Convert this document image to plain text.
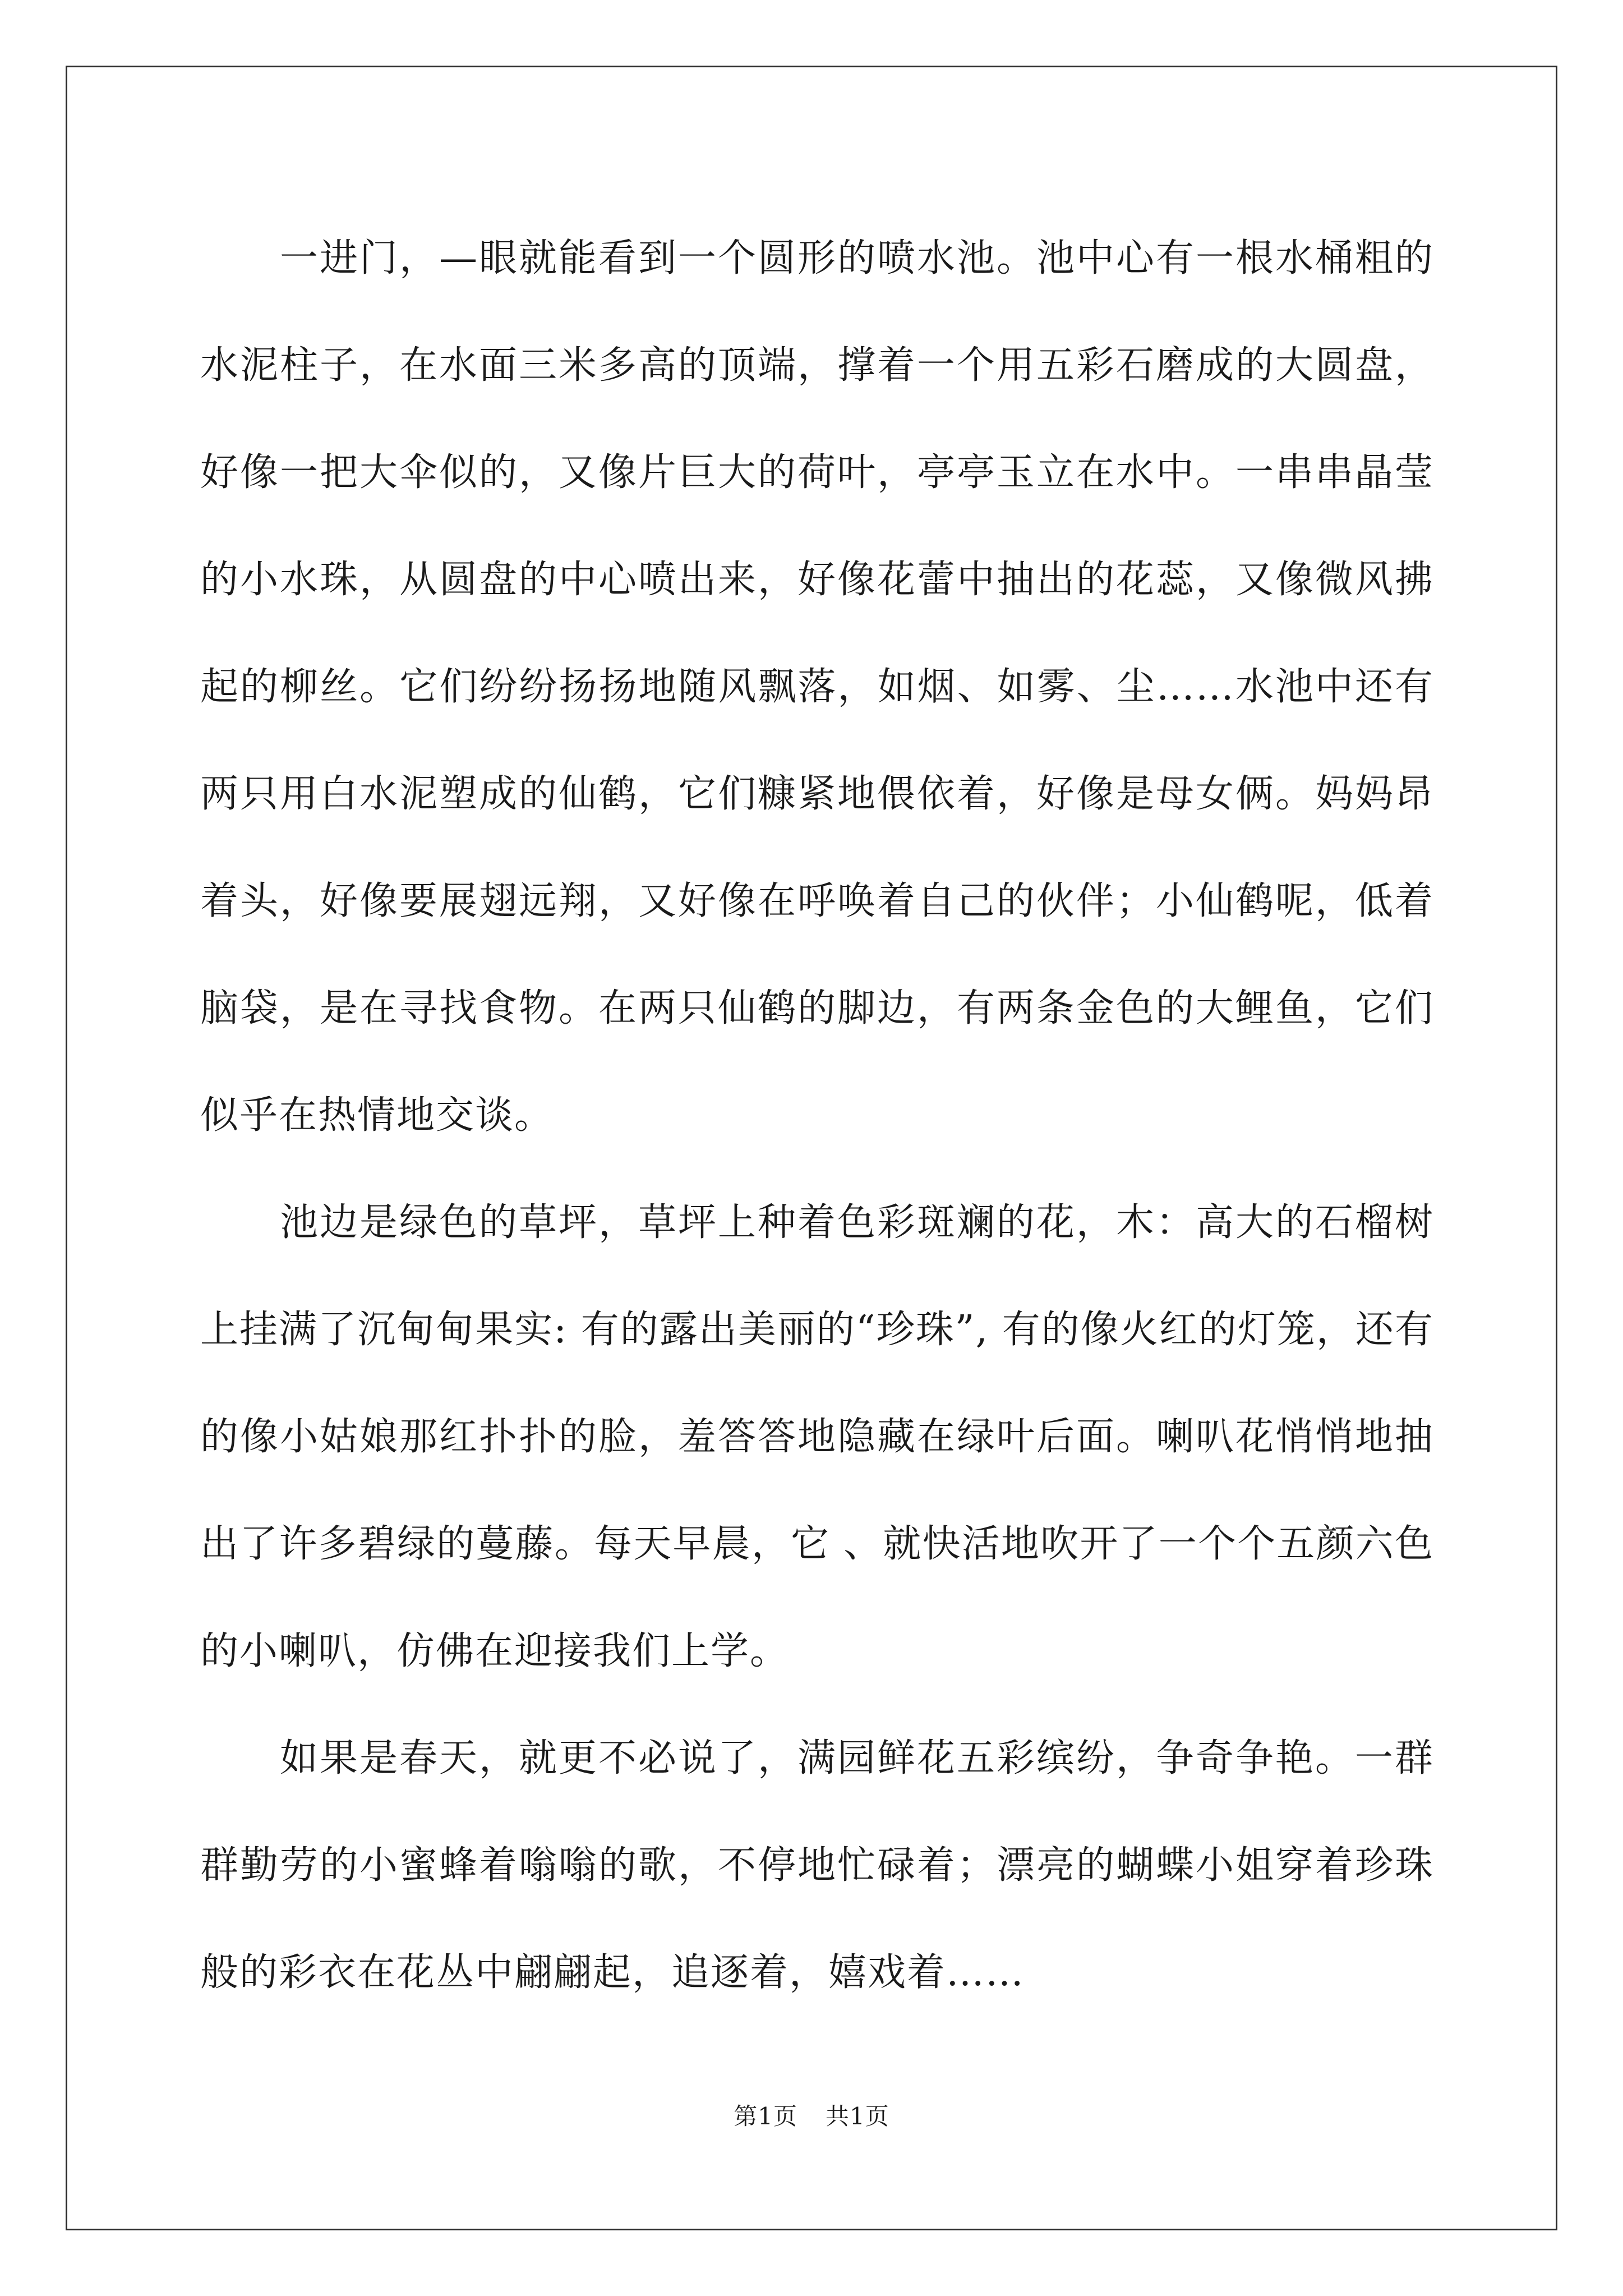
一进门，—眼就能看到一个圆形的喷水池。池中心有一根水桶粗的水泥柱子，在水面三米多高的顶端，撑着一个用五彩石磨成的大圆盘，好像一把大伞似的，又像片巨大的荷叶，亭亭玉立在水中。一串串晶莹的小水珠，从圆盘的中心喷出来，好像花蕾中抽出的花蕊，又像微风拂起的柳丝。它们纷纷扬扬地随风飘落，如烟、如雾、尘……水池中还有两只用白水泥塑成的仙鹤，它们糠紧地偎依着，好像是母女俩。妈妈昂着头，好像要展翅远翔，又好像在呼唤着自己的伙伴；小仙鹤呢，低着脑袋，是在寻找食物。在两只仙鹤的脚边，有两条金色的大鲤鱼，它们似乎在热情地交谈。

池边是绿色的草坪，草坪上种着色彩斑斓的花，木：高大的石榴树上挂满了沉甸甸果实: 有的露出美丽的“珍珠”, 有的像火红的灯笼，还有的像小姑娘那红扑扑的脸，羞答答地隐藏在绿叶后面。喇叭花悄悄地抽出了许多碧绿的蔓藤。每天早晨，它 、就快活地吹开了一个个五颜六色的小喇叭，仿佛在迎接我们上学。

如果是春天，就更不必说了，满园鲜花五彩缤纷，争奇争艳。一群群勤劳的小蜜蜂着嗡嗡的歌，不停地忙碌着；漂亮的蝴蝶小姐穿着珍珠般的彩衣在花丛中翩翩起，追逐着，嬉戏着……

第1页 共1页
